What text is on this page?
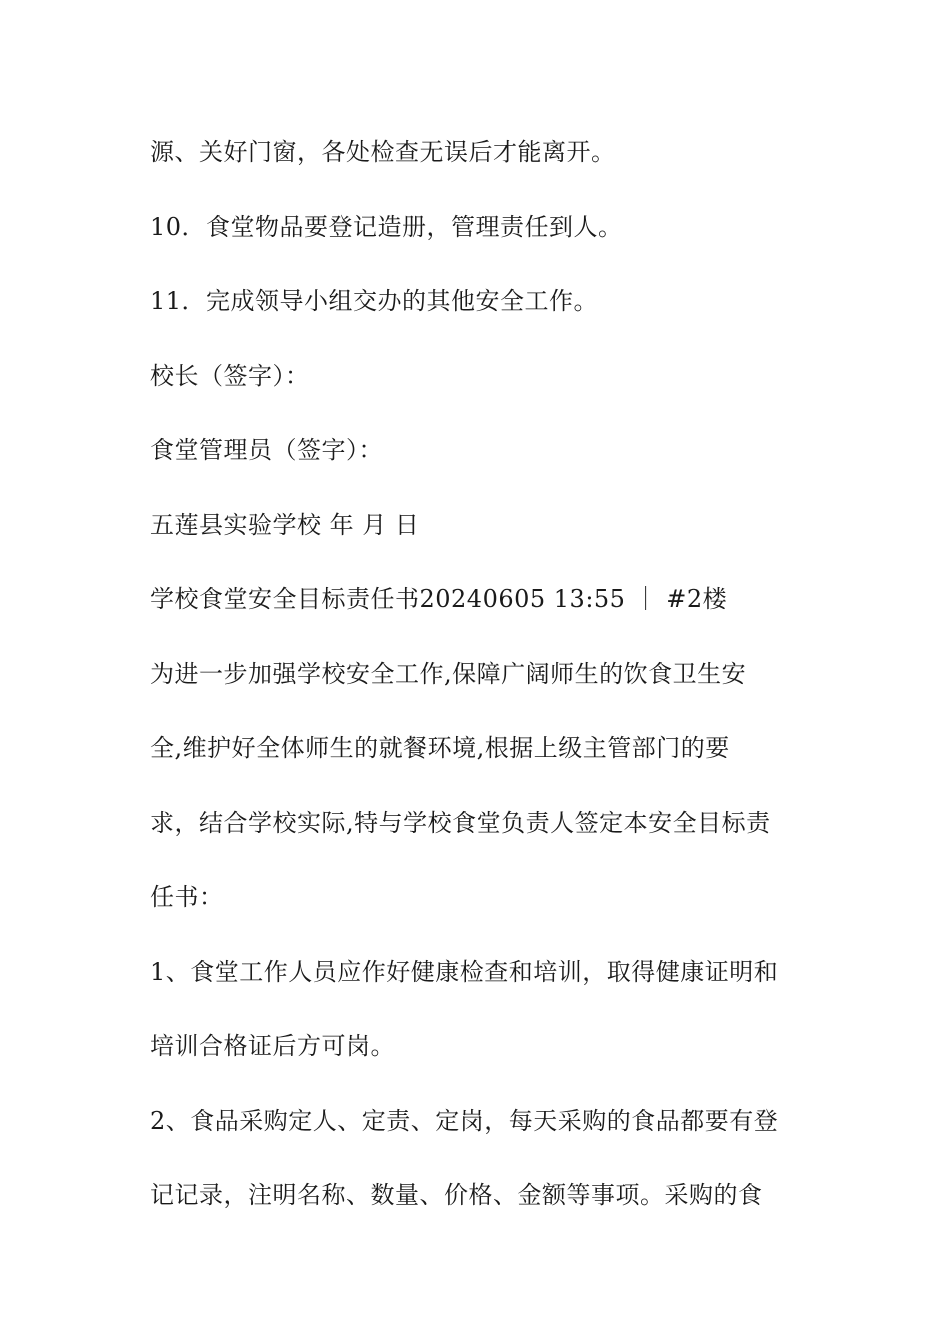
源、关好门窗，各处检查无误后才能离开。
10．食堂物品要登记造册，管理责任到人。
11．完成领导小组交办的其他安全工作。
校长（签字）：
食堂管理员（签字）：
五莲县实验学校 年 月 日
学校食堂安全目标责任书20240605 13:55 ｜ #2楼
为进一步加强学校安全工作,保障广阔师生的饮食卫生安
全,维护好全体师生的就餐环境,根据上级主管部门的要
求，结合学校实际,特与学校食堂负责人签定本安全目标责
任书：
1、食堂工作人员应作好健康检查和培训，取得健康证明和
培训合格证后方可岗。
2、食品采购定人、定责、定岗，每天采购的食品都要有登
记记录，注明名称、数量、价格、金额等事项。采购的食
